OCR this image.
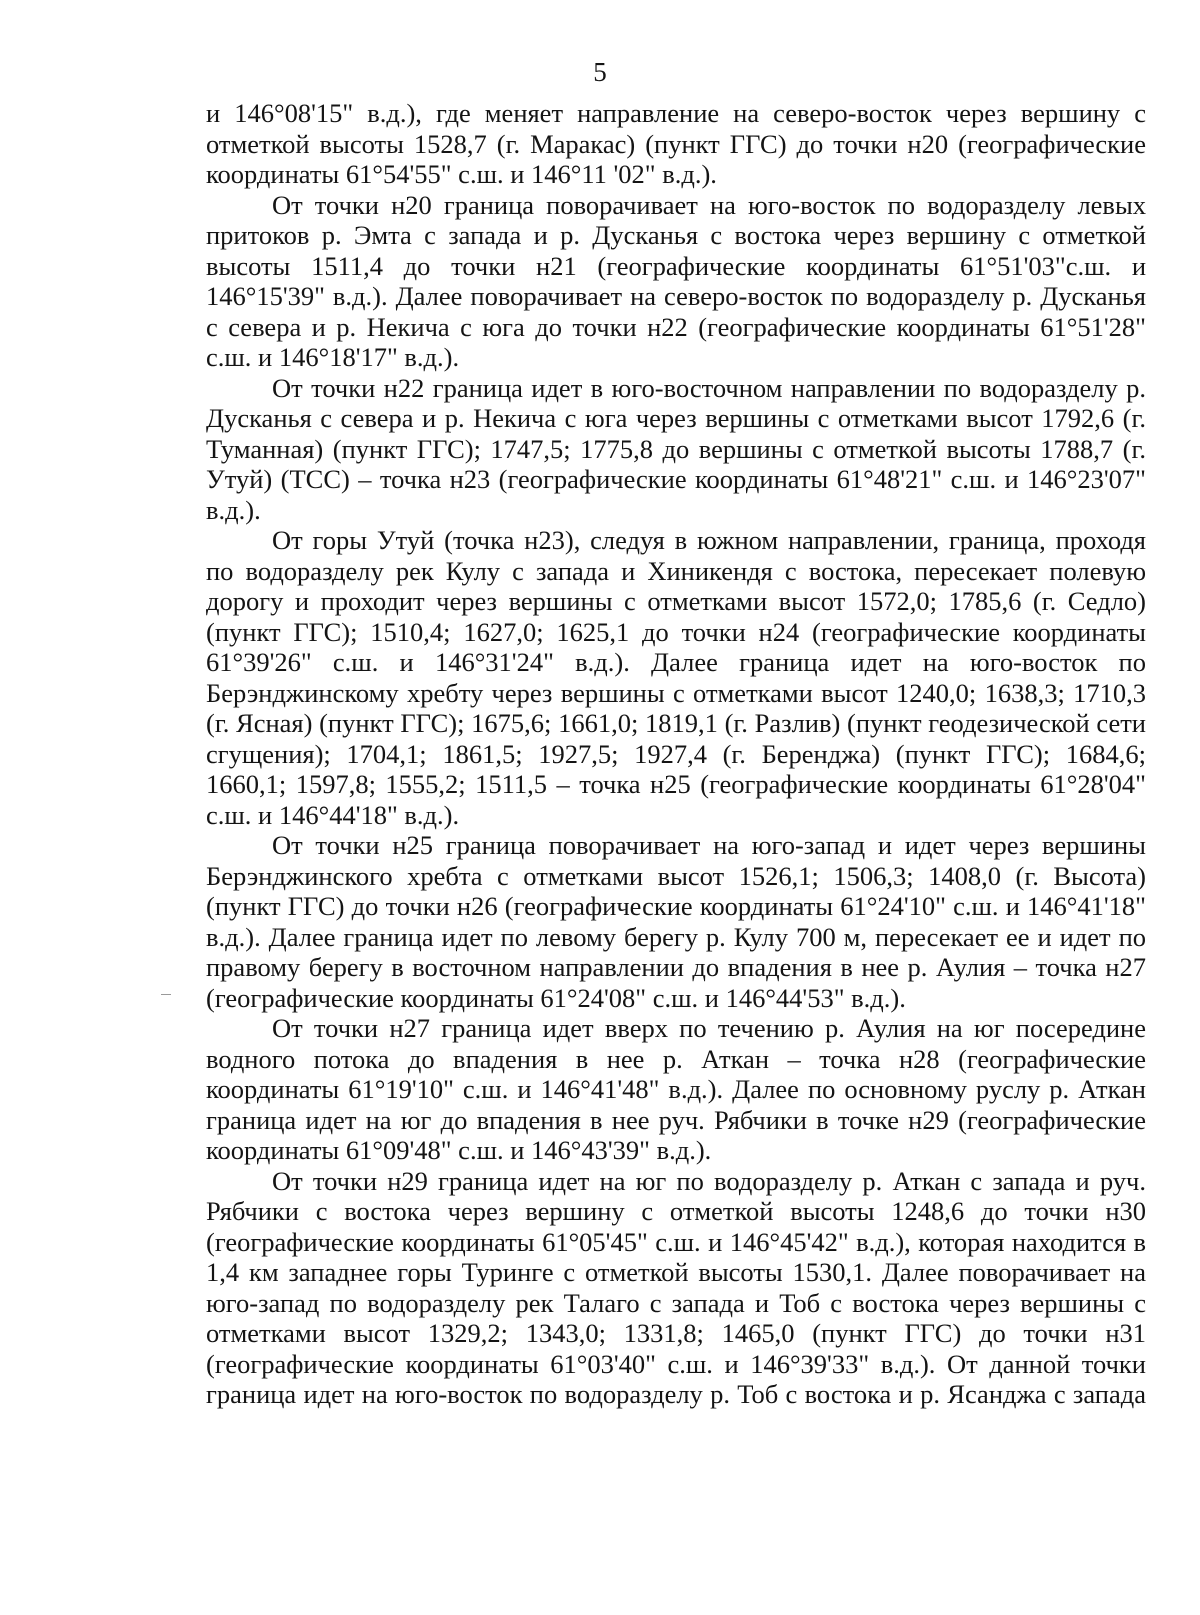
5

и 146°08'15" в.д.), где меняет направление на северо-восток через вершину с отметкой высоты 1528,7 (г. Маракас) (пункт ГГС) до точки н20 (географические координаты 61°54'55" с.ш. и 146°11 '02" в.д.).

От точки н20 граница поворачивает на юго-восток по водоразделу левых притоков р. Эмта с запада и р. Дусканья с востока через вершину с отметкой высоты 1511,4 до точки н21 (географические координаты 61°51'03"с.ш. и 146°15'39" в.д.). Далее поворачивает на северо-восток по водоразделу р. Дусканья с севера и р. Некича с юга до точки н22 (географические координаты 61°51'28" с.ш. и 146°18'17" в.д.).

От точки н22 граница идет в юго-восточном направлении по водоразделу р. Дусканья с севера и р. Некича с юга через вершины с отметками высот 1792,6 (г. Туманная) (пункт ГГС); 1747,5; 1775,8 до вершины с отметкой высоты 1788,7 (г. Утуй) (ТСС) – точка н23 (географические координаты 61°48'21" с.ш. и 146°23'07" в.д.).

От горы Утуй (точка н23), следуя в южном направлении, граница, проходя по водоразделу рек Кулу с запада и Хиникендя с востока, пересекает полевую дорогу и проходит через вершины с отметками высот 1572,0; 1785,6 (г. Седло) (пункт ГГС); 1510,4; 1627,0; 1625,1 до точки н24 (географические координаты 61°39'26" с.ш. и 146°31'24" в.д.). Далее граница идет на юго-восток по Берэнджинскому хребту через вершины с отметками высот 1240,0; 1638,3; 1710,3 (г. Ясная) (пункт ГГС); 1675,6; 1661,0; 1819,1 (г. Разлив) (пункт геодезической сети сгущения); 1704,1; 1861,5; 1927,5; 1927,4 (г. Беренджа) (пункт ГГС); 1684,6; 1660,1; 1597,8; 1555,2; 1511,5 – точка н25 (географические координаты 61°28'04" с.ш. и 146°44'18" в.д.).

От точки н25 граница поворачивает на юго-запад и идет через вершины Берэнджинского хребта с отметками высот 1526,1; 1506,3; 1408,0 (г. Высота) (пункт ГГС) до точки н26 (географические координаты 61°24'10" с.ш. и 146°41'18" в.д.). Далее граница идет по левому берегу р. Кулу 700 м, пересекает ее и идет по правому берегу в восточном направлении до впадения в нее р. Аулия – точка н27 (географические координаты 61°24'08" с.ш. и 146°44'53" в.д.).

От точки н27 граница идет вверх по течению р. Аулия на юг посередине водного потока до впадения в нее р. Аткан – точка н28 (географические координаты 61°19'10" с.ш. и 146°41'48" в.д.). Далее по основному руслу р. Аткан граница идет на юг до впадения в нее руч. Рябчики в точке н29 (географические координаты 61°09'48" с.ш. и 146°43'39" в.д.).

От точки н29 граница идет на юг по водоразделу р. Аткан с запада и руч. Рябчики с востока через вершину с отметкой высоты 1248,6 до точки н30 (географические координаты 61°05'45" с.ш. и 146°45'42" в.д.), которая находится в 1,4 км западнее горы Туринге с отметкой высоты 1530,1. Далее поворачивает на юго-запад по водоразделу рек Талаго с запада и Тоб с востока через вершины с отметками высот 1329,2; 1343,0; 1331,8; 1465,0 (пункт ГГС) до точки н31 (географические координаты 61°03'40" с.ш. и 146°39'33" в.д.). От данной точки граница идет на юго-восток по водоразделу р. Тоб с востока и р. Ясанджа с запада
